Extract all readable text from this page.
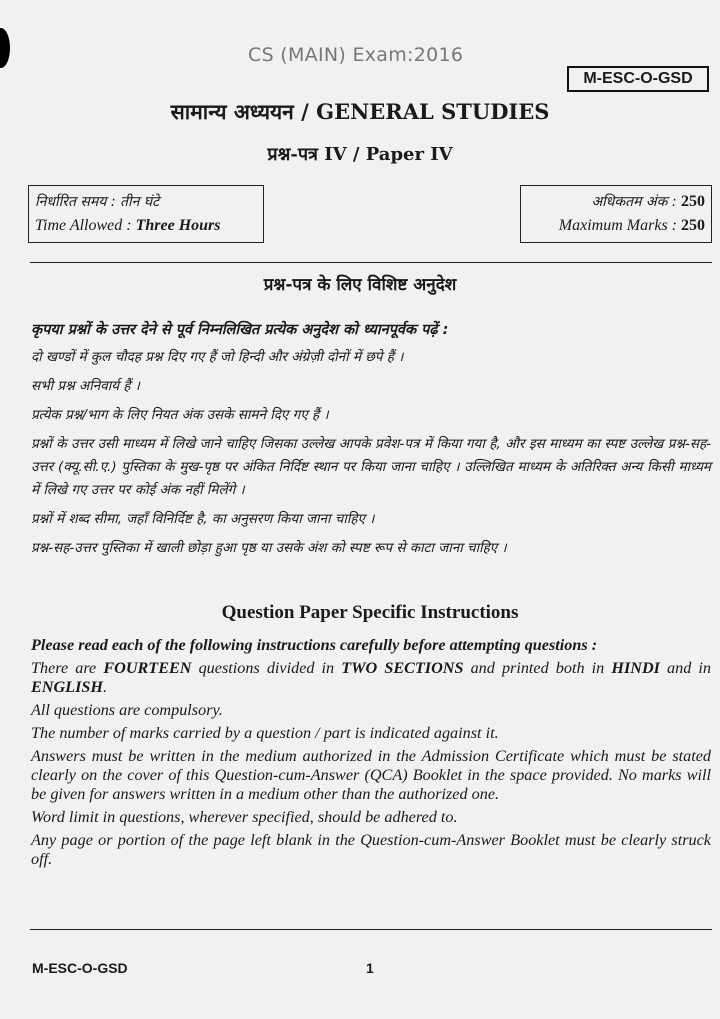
CS (MAIN) Exam:2016
M-ESC-O-GSD
सामान्य अध्ययन / GENERAL STUDIES
प्रश्न-पत्र IV / Paper IV
निर्धारित समय : तीन घंटे
Time Allowed : Three Hours
अधिकतम अंक : 250
Maximum Marks : 250
प्रश्न-पत्र के लिए विशिष्ट अनुदेश
कृपया प्रश्नों के उत्तर देने से पूर्व निम्नलिखित प्रत्येक अनुदेश को ध्यानपूर्वक पढ़ें :
दो खण्डों में कुल चौदह प्रश्न दिए गए हैं जो हिन्दी और अंग्रेज़ी दोनों में छपे हैं ।
सभी प्रश्न अनिवार्य हैं ।
प्रत्येक प्रश्न/भाग के लिए नियत अंक उसके सामने दिए गए हैं ।
प्रश्नों के उत्तर उसी माध्यम में लिखे जाने चाहिए जिसका उल्लेख आपके प्रवेश-पत्र में किया गया है, और इस माध्यम का स्पष्ट उल्लेख प्रश्न-सह-उत्तर (क्यू.सी.ए.) पुस्तिका के मुख-पृष्ठ पर अंकित निर्दिष्ट स्थान पर किया जाना चाहिए । उल्लिखित माध्यम के अतिरिक्त अन्य किसी माध्यम में लिखे गए उत्तर पर कोई अंक नहीं मिलेंगे ।
प्रश्नों में शब्द सीमा, जहाँ विनिर्दिष्ट है, का अनुसरण किया जाना चाहिए ।
प्रश्न-सह-उत्तर पुस्तिका में खाली छोड़ा हुआ पृष्ठ या उसके अंश को स्पष्ट रूप से काटा जाना चाहिए ।
Question Paper Specific Instructions
Please read each of the following instructions carefully before attempting questions :
There are FOURTEEN questions divided in TWO SECTIONS and printed both in HINDI and in ENGLISH.
All questions are compulsory.
The number of marks carried by a question / part is indicated against it.
Answers must be written in the medium authorized in the Admission Certificate which must be stated clearly on the cover of this Question-cum-Answer (QCA) Booklet in the space provided. No marks will be given for answers written in a medium other than the authorized one.
Word limit in questions, wherever specified, should be adhered to.
Any page or portion of the page left blank in the Question-cum-Answer Booklet must be clearly struck off.
M-ESC-O-GSD	1
